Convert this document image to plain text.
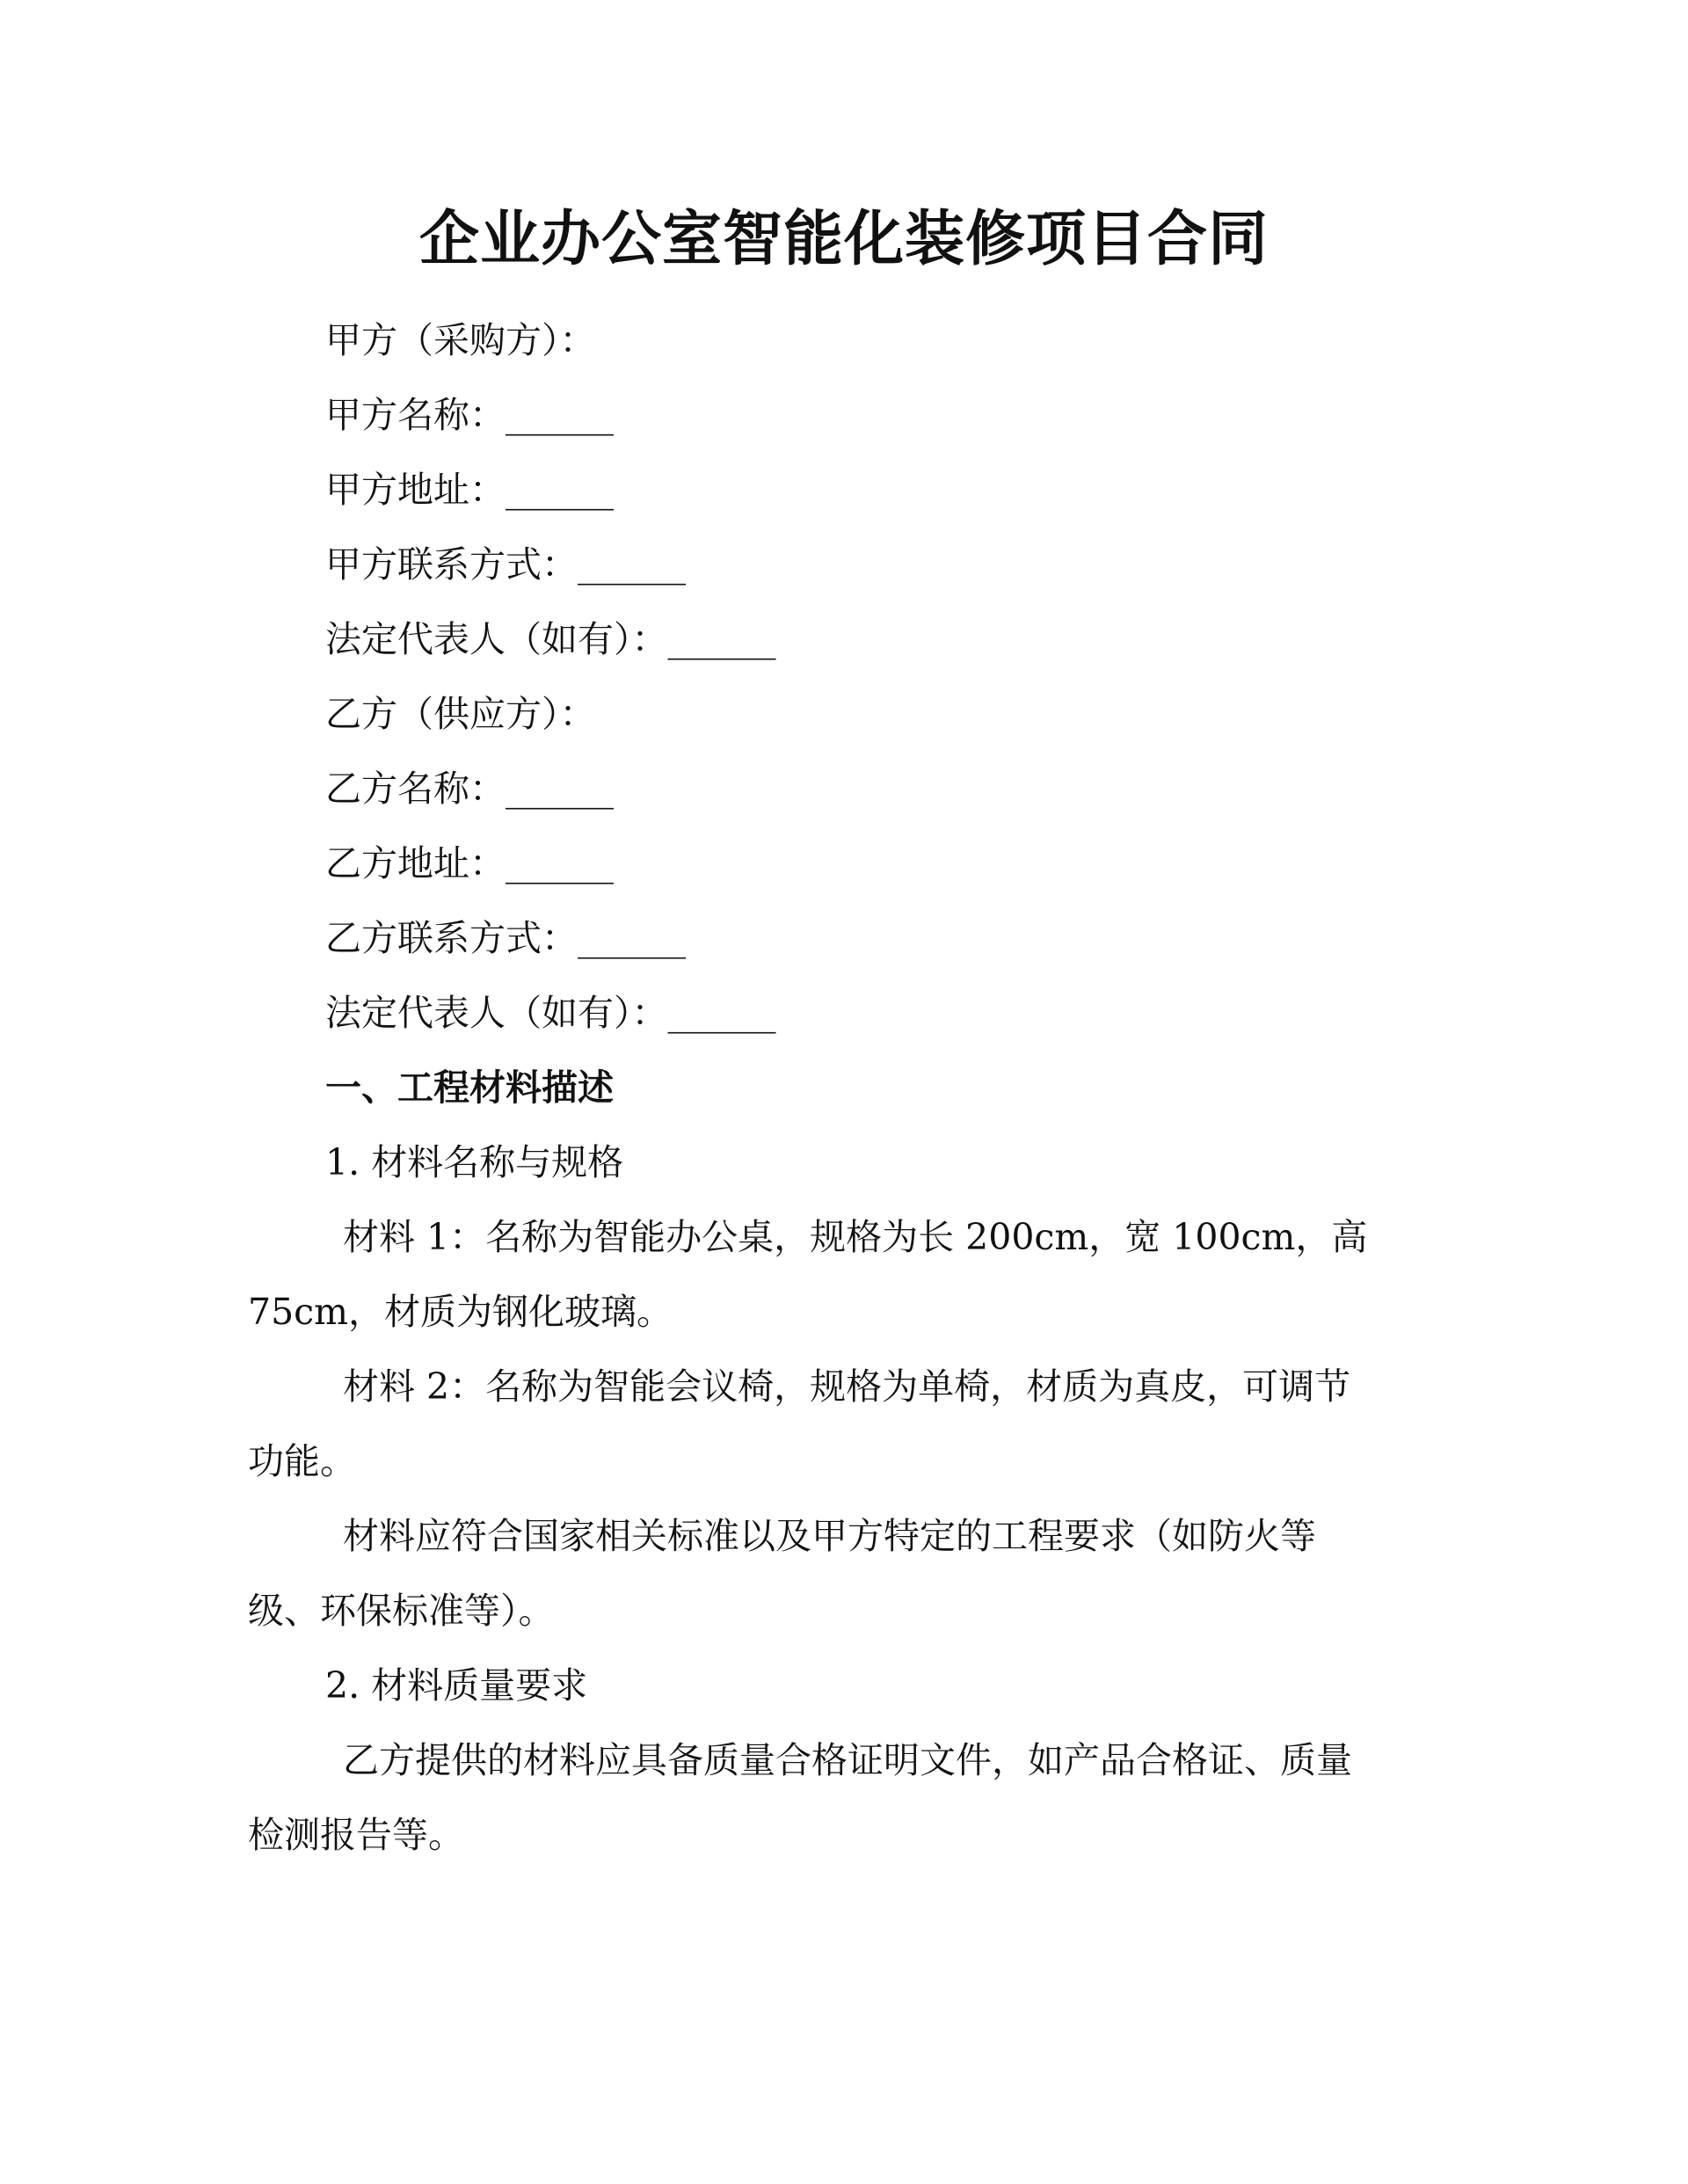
企业办公室智能化装修项目合同

甲方（采购方）：

甲方名称：______

甲方地址：______

甲方联系方式：______

法定代表人（如有）：______

乙方（供应方）：

乙方名称：______

乙方地址：______

乙方联系方式：______

法定代表人（如有）：______

一、工程材料描述

1. 材料名称与规格

材料 1：名称为智能办公桌，规格为长 200cm，宽 100cm，高

75cm，材质为钢化玻璃。

材料 2：名称为智能会议椅，规格为单椅，材质为真皮，可调节

功能。

材料应符合国家相关标准以及甲方特定的工程要求（如防火等

级、环保标准等）。

2. 材料质量要求

乙方提供的材料应具备质量合格证明文件，如产品合格证、质量

检测报告等。
